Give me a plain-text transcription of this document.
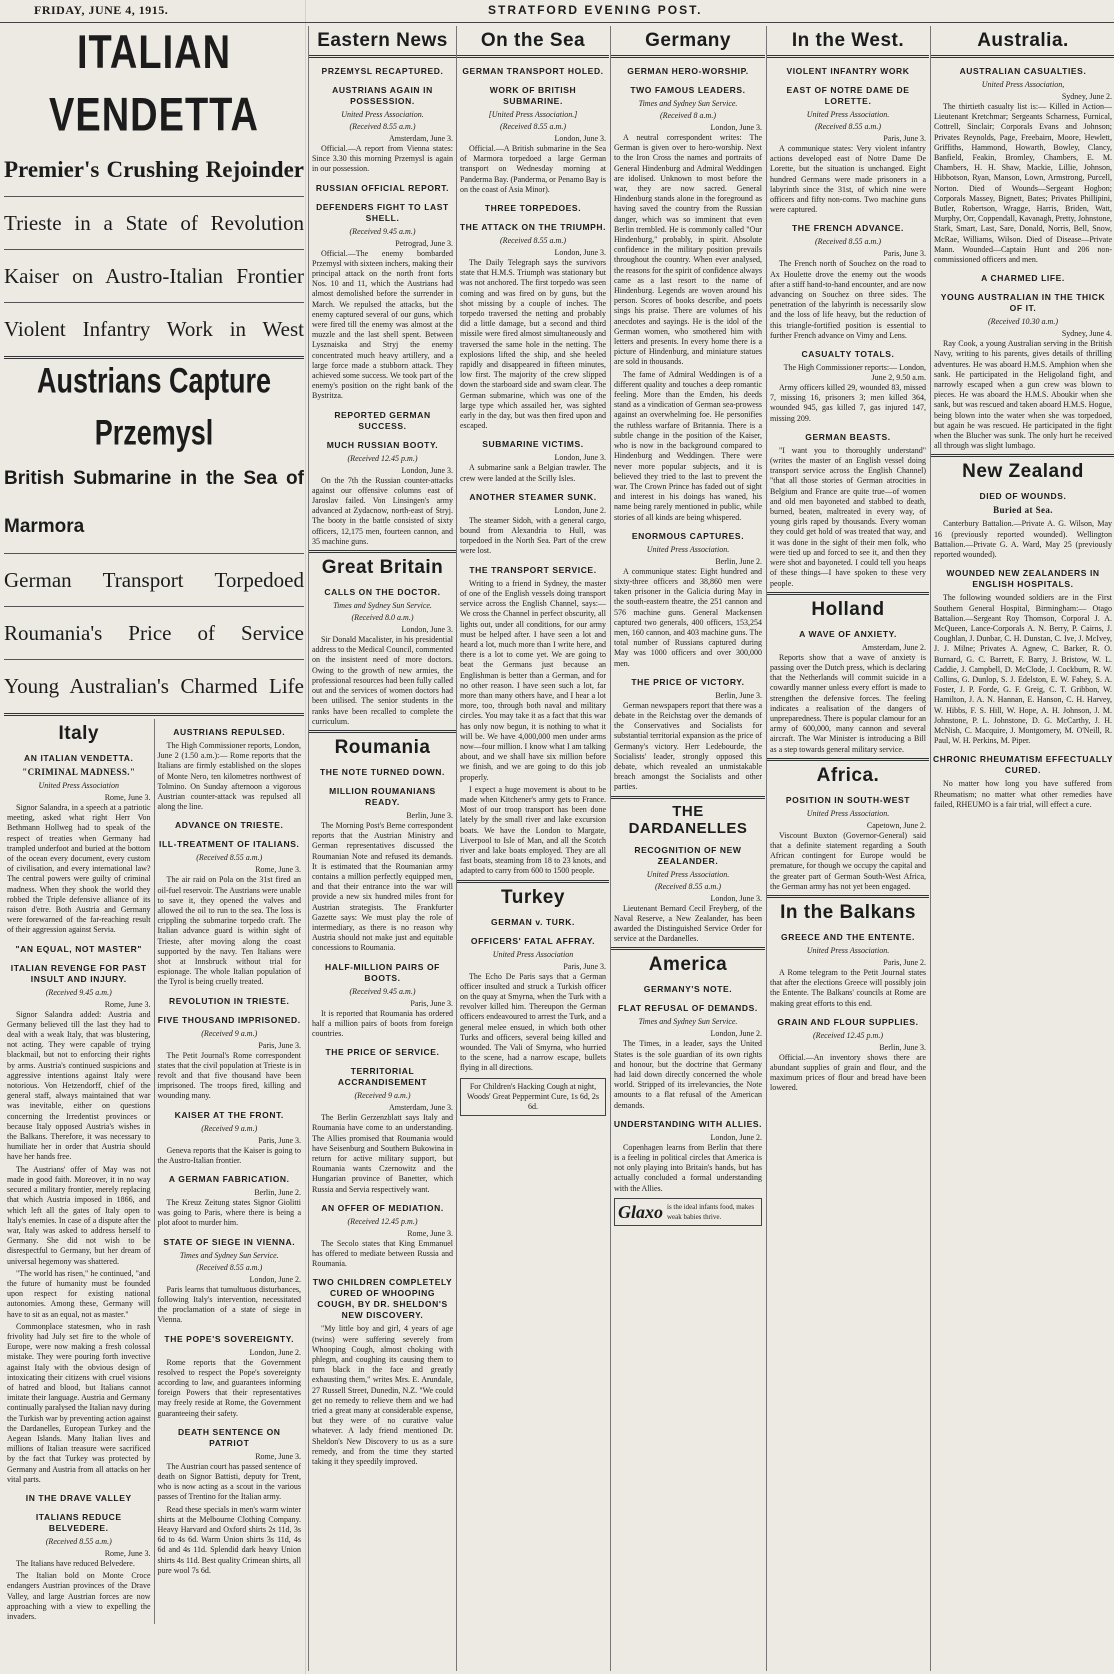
FRIDAY, JUNE 4, 1915.	STRATFORD EVENING POST.
ITALIAN VENDETTA
Premier's Crushing Rejoinder
Trieste in a State of Revolution
Kaiser on Austro-Italian Frontier
Violent Infantry Work in West
Austrians Capture Przemysl
British Submarine in the Sea of Marmora
German Transport Torpedoed
Roumania's Price of Service
Young Australian's Charmed Life
Italy
AN ITALIAN VENDETTA.
"CRIMINAL MADNESS."
United Press Association
Rome, June 3.

Signor Salandra, in a speech at a patriotic meeting, asked what right Herr Von Bethmann Hollweg had to speak of the respect of treaties when Germany had trampled underfoot and buried at the bottom of the ocean every document, every custom of civilisation, and every international law? The central powers were guilty of criminal madness. When they shook the world they robbed the Triple defensive alliance of its raison d'etre. Both Austria and Germany were forewarned of the far-reaching result of their aggression against Servia.

"AN EQUAL, NOT MASTER"
ITALIAN REVENGE FOR PAST INSULT AND INJURY.
(Received 9.45 a.m.)
Rome, June 3.

Signor Salandra added: Austria and Germany believed till the last they had to deal with a weak Italy, that was blustering, not acting. They were capable of trying blackmail, but not to enforcing their rights by arms. Austria's continued suspicions and aggressive intentions against Italy were notorious. Von Hetzendorff, chief of the general staff, always maintained that war was inevitable, either on questions concerning the Irredentist provinces or because Italy opposed Austria's wishes in the Balkans. Therefore, it was necessary to humiliate her in order that Austria should have her hands free.

The Austrians' offer of May was not made in good faith. Moreover, it in no way secured a military frontier, merely replacing that which Austria imposed in 1866, and which left all the gates of Italy open to Italy's enemies. In case of a dispute after the war, Italy was asked to address herself to Germany. She did not wish to be disrespectful to Germany, but her dream of universal hegemony was shattered.

"The world has risen," he continued, "and the future of humanity must be founded upon respect for existing national autonomies. Among these, Germany will have to sit as an equal, not as master."

Commonplace statesmen, who in rash frivolity had July set fire to the whole of Europe, were now making a fresh colossal mistake. They were pouring forth invective against Italy with the obvious design of intoxicating their citizens with cruel visions of hatred and blood, but Italians cannot imitate their language. Austria and Germany continually paralysed the Italian navy during the Turkish war by preventing action against the Dardanelles, European Turkey and the Aegean Islands. Many Italian lives and millions of Italian treasure were sacrificed by the fact that Turkey was protected by Germany and Austria from all attacks on her vital parts.

IN THE DRAVE VALLEY
ITALIANS REDUCE BELVEDERE.
(Received 8.55 a.m.)
Rome, June 3.

The Italians have reduced Belvedere.

The Italian bold on Monte Croce endangers Austrian provinces of the Drave Valley, and large Austrian forces are now approaching with a view to expelling the invaders.

AUSTRIANS REPULSED.

The High Commissioner reports, London, June 2 (1.50 a.m.):— Rome reports that the Italians are firmly established on the slopes of Monte Nero, ten kilometres northwest of Tolmino. On Sunday afternoon a vigorous Austrian counter-attack was repulsed all along the line.

ADVANCE ON TRIESTE.
ILL-TREATMENT OF ITALIANS.
(Received 8.55 a.m.)
Rome, June 3.

The air raid on Pola on the 31st fired an oil-fuel reservoir. The Austrians were unable to save it, they opened the valves and allowed the oil to run to the sea. The loss is crippling the submarine torpedo craft. The Italian advance guard is within sight of Trieste, after moving along the coast supported by the navy. Ten Italians were shot at Innsbruck without trial for espionage. The whole Italian population of the Tyrol is being cruelly treated.

REVOLUTION IN TRIESTE.
FIVE THOUSAND IMPRISONED.
(Received 9 a.m.)
Paris, June 3.

The Petit Journal's Rome correspondent states that the civil population at Trieste is in revolt and that five thousand have been imprisoned. The troops fired, killing and wounding many.

KAISER AT THE FRONT.
(Received 9 a.m.)
Paris, June 3.

Geneva reports that the Kaiser is going to the Austro-Italian frontier.

A GERMAN FABRICATION.
Berlin, June 2.

The Kreuz Zeitung states Signor Giolitti was going to Paris, where there is being a plot afoot to murder him.

STATE OF SIEGE IN VIENNA.
Times and Sydney Sun Service.
(Received 8.55 a.m.)
London, June 2.

Paris learns that tumultuous disturbances, following Italy's intervention, necessitated the proclamation of a state of siege in Vienna.

THE POPE'S SOVEREIGNTY.
London, June 2.

Rome reports that the Government resolved to respect the Pope's sovereignty according to law, and guarantees informing foreign Powers that their representatives may freely reside at Rome, the Government guaranteeing their safety.

DEATH SENTENCE ON PATRIOT
Rome, June 3.

The Austrian court has passed sentence of death on Signor Battisti, deputy for Trent, who is now acting as a scout in the various passes of Trentino for the Italian army.

Read these specials in men's warm winter shirts at the Melbourne Clothing Company. Heavy Harvard and Oxford shirts 2s 11d, 3s 6d to 4s 6d. Warm Union shirts 3s 11d, 4s 6d and 4s 11d. Splendid dark heavy Union shirts 4s 11d. Best quality Crimean shirts, all pure wool 7s 6d.

Eastern News
PRZEMYSL RECAPTURED.
AUSTRIANS AGAIN IN POSSESSION.
United Press Association.
(Received 8.55 a.m.)
Amsterdam, June 3.

Official.—A report from Vienna states: Since 3.30 this morning Przemysl is again in our possession.

RUSSIAN OFFICIAL REPORT.
DEFENDERS FIGHT TO LAST SHELL.
(Received 9.45 a.m.)
Petrograd, June 3.

Official.—The enemy bombarded Przemysl with sixteen inchers, making their principal attack on the north front forts Nos. 10 and 11, which the Austrians had almost demolished before the surrender in March. We repulsed the attacks, but the enemy captured several of our guns, which were fired till the enemy was almost at the muzzle and the last shell spent. Between Lysznaiska and Stryj the enemy concentrated much heavy artillery, and a large force made a stubborn attack. They achieved some success. We took part of the enemy's position on the right bank of the Bystritza.

REPORTED GERMAN SUCCESS.
MUCH RUSSIAN BOOTY.
(Received 12.45 p.m.)
London, June 3.

On the 7th the Russian counter-attacks against our offensive columns east of Jaroslav failed. Von Linsingen's army advanced at Zydacnow, north-east of Stryj. The booty in the battle consisted of sixty officers, 12,175 men, fourteen cannon, and 35 machine guns.

Great Britain
CALLS ON THE DOCTOR.
Times and Sydney Sun Service.
(Received 8.0 a.m.)
London, June 3.

Sir Donald Macalister, in his presidential address to the Medical Council, commented on the insistent need of more doctors. Owing to the growth of new armies, the professional resources had been fully called out and the services of women doctors had been utilised. The senior students in the ranks have been recalled to complete the curriculum.

Roumania
THE NOTE TURNED DOWN.
MILLION ROUMANIANS READY.
Berlin, June 3.

The Morning Post's Berne correspondent reports that the Austrian Ministry and German representatives discussed the Roumanian Note and refused its demands. It is estimated that the Roumanian army contains a million perfectly equipped men, and that their entrance into the war will provide a new six hundred miles front for Austrian strategists. The Frankfurter Gazette says: We must play the role of intermediary, as there is no reason why Austria should not make just and equitable concessions to Roumania.

HALF-MILLION PAIRS OF BOOTS.
(Received 9.45 a.m.)
Paris, June 3.

It is reported that Roumania has ordered half a million pairs of boots from foreign countries.

THE PRICE OF SERVICE.
TERRITORIAL ACCRANDISEMENT
(Received 9 a.m.)
Amsterdam, June 3.

The Berlin Gerzenzblatt says Italy and Roumania have come to an understanding. The Allies promised that Roumania would have Seisenburg and Southern Bukowina in return for active military support, but Roumania wants Czernowitz and the Hungarian province of Banetter, which Russia and Servia respectively want.

AN OFFER OF MEDIATION.
(Received 12.45 p.m.)
Rome, June 3.

The Secolo states that King Emmanuel has offered to mediate between Russia and Roumania.

TWO CHILDREN COMPLETELY CURED OF WHOOPING COUGH, BY DR. SHELDON'S NEW DISCOVERY.

"My little boy and girl, 4 years of age (twins) were suffering severely from Whooping Cough, almost choking with phlegm, and coughing its causing them to turn black in the face and greatly exhausting them," writes Mrs. E. Arundale, 27 Russell Street, Dunedin, N.Z. "We could get no remedy to relieve them and we had tried a great many at considerable expense, but they were of no curative value whatever. A lady friend mentioned Dr. Sheldon's New Discovery to us as a sure remedy, and from the time they started taking it they speedily improved.

On the Sea
GERMAN TRANSPORT HOLED.
WORK OF BRITISH SUBMARINE.
[United Press Association.]
(Received 8.55 a.m.)
London, June 3.

Official.—A British submarine in the Sea of Marmora torpedoed a large German transport on Wednesday morning at Panderma Bay. (Panderma, or Penamo Bay is on the coast of Asia Minor).

THREE TORPEDOES.
THE ATTACK ON THE TRIUMPH.
(Received 8.55 a.m.)
London, June 3.

The Daily Telegraph says the survivors state that H.M.S. Triumph was stationary but was not anchored. The first torpedo was seen coming and was fired on by guns, but the shot missing by a couple of inches. The torpedo traversed the netting and probably did a little damage, but a second and third missile were fired almost simultaneously and traversed the same hole in the netting. The explosions lifted the ship, and she heeled rapidly and disappeared in fifteen minutes, low first. The majority of the crew slipped down the starboard side and swam clear. The German submarine, which was one of the large type which assailed her, was sighted early in the day, but was then fired upon and escaped.

SUBMARINE VICTIMS.
London, June 3.

A submarine sank a Belgian trawler. The crew were landed at the Scilly Isles.

ANOTHER STEAMER SUNK.
London, June 2.

The steamer Sidoh, with a general cargo, bound from Alexandria to Hull, was torpedoed in the North Sea. Part of the crew were lost.

THE TRANSPORT SERVICE.

Writing to a friend in Sydney, the master of one of the English vessels doing transport service across the English Channel, says:— We cross the Channel in perfect obscurity, all lights out, under all conditions, for our army must be helped after. I have seen a lot and heard a lot, much more than I write here, and there is a lot to come yet. We are going to beat the Germans just because an Englishman is better than a German, and for no other reason. I have seen such a lot, far more than many others have, and I hear a lot more, too, through both naval and military circles. You may take it as a fact that this war has only now begun, it is nothing to what it will be. We have 4,000,000 men under arms now—four million. I know what I am talking about, and we shall have six million before we finish, and we are going to do this job properly.

I expect a huge movement is about to be made when Kitchener's army gets to France. Most of our troop transport has been done lately by the small river and lake excursion boats. We have the London to Margate, Liverpool to Isle of Man, and all the Scotch river and lake boats employed. They are all fast boats, steaming from 18 to 23 knots, and adapted to carry from 600 to 1500 people.

Turkey
GERMAN v. TURK.
OFFICERS' FATAL AFFRAY.
United Press Association
Paris, June 3.

The Echo De Paris says that a German officer insulted and struck a Turkish officer on the quay at Smyrna, when the Turk with a revolver killed him. Thereupon the German officers endeavoured to arrest the Turk, and a general melee ensued, in which both other Turks and officers, several being killed and wounded. The Vali of Smyrna, who hurried to the scene, had a narrow escape, bullets flying in all directions.

For Children's Hacking Cough at night, Woods' Great Peppermint Cure, 1s 6d, 2s 6d.
Germany
GERMAN HERO-WORSHIP.
TWO FAMOUS LEADERS.
Times and Sydney Sun Service.
(Received 8 a.m.)
London, June 3.

A neutral correspondent writes: The German is given over to hero-worship. Next to the Iron Cross the names and portraits of General Hindenburg and Admiral Weddingen are idolised. Unknown to most before the war, they are now sacred. General Hindenburg stands alone in the foreground as having saved the country from the Russian danger, which was so imminent that even Berlin trembled. He is commonly called "Our Hindenburg," probably, in spirit. Absolute confidence in the military position prevails throughout the country. When ever analysed, the reasons for the spirit of confidence always came as a last resort to the name of Hindenburg. Legends are woven around his person. Scores of books describe, and poets sings his praise. There are volumes of his anecdotes and sayings. He is the idol of the German women, who smothered him with letters and presents. In every home there is a picture of Hindenburg, and miniature statues are sold in thousands.

The fame of Admiral Weddingen is of a different quality and touches a deep romantic feeling. More than the Emden, his deeds stand as a vindication of German sea-prowess against an overwhelming foe. He personifies the ruthless warfare of Britannia. There is a subtle change in the position of the Kaiser, who is now in the background compared to Hindenburg and Weddingen. There were never more popular subjects, and it is believed they tried to the last to prevent the war. The Crown Prince has faded out of sight and interest in his doings has waned, his name being rarely mentioned in public, while stories of all kinds are being whispered.

ENORMOUS CAPTURES.
United Press Association.
Berlin, June 2.

A communique states: Eight hundred and sixty-three officers and 38,860 men were taken prisoner in the Galicia during May in the south-eastern theatre, the 251 cannon and 576 machine guns. General Mackensen captured two generals, 400 officers, 153,254 men, 160 cannon, and 403 machine guns. The total number of Russians captured during May was 1000 officers and over 300,000 men.

THE PRICE OF VICTORY.
Berlin, June 3.

German newspapers report that there was a debate in the Reichstag over the demands of the Conservatives and Socialists for substantial territorial expansion as the price of Germany's victory. Herr Ledebourde, the Socialists' leader, strongly opposed this debate, which revealed an unmistakable breach amongst the Socialists and other parties.

THE DARDANELLES
RECOGNITION OF NEW ZEALANDER.
United Press Association.
(Received 8.55 a.m.)
London, June 3.

Lieutenant Bernard Cecil Freyberg, of the Naval Reserve, a New Zealander, has been awarded the Distinguished Service Order for service at the Dardanelles.

America
GERMANY'S NOTE.
FLAT REFUSAL OF DEMANDS.
Times and Sydney Sun Service.
London, June 2.

The Times, in a leader, says the United States is the sole guardian of its own rights and honour, but the doctrine that Germany had laid down directly concerned the whole world. Stripped of its irrelevancies, the Note amounts to a flat refusal of the American demands.

UNDERSTANDING WITH ALLIES.
London, June 2.

Copenhagen learns from Berlin that there is a feeling in political circles that America is not only playing into Britain's hands, but has actually concluded a formal understanding with the Allies.

Glaxo is the ideal infants food, makes weak babies thrive.
In the West.
VIOLENT INFANTRY WORK
EAST OF NOTRE DAME DE LORETTE.
United Press Association.
(Received 8.55 a.m.)
Paris, June 3.

A communique states: Very violent infantry actions developed east of Notre Dame De Lorette, but the situation is unchanged. Eight hundred Germans were made prisoners in a labyrinth since the 31st, of which nine were officers and fifty non-coms. Two machine guns were captured.

THE FRENCH ADVANCE.
(Received 8.55 a.m.)
Paris, June 3.

The French north of Souchez on the road to Ax Houlette drove the enemy out the woods after a stiff hand-to-hand encounter, and are now advancing on Souchez on three sides. The penetration of the labyrinth is necessarily slow and the loss of life heavy, but the reduction of this triangle-fortified position is essential to further French advance on Vimy and Lens.

CASUALTY TOTALS.
The High Commissioner reports:— London, June 2, 9.50 a.m.

Army officers killed 29, wounded 83, missed 7, missing 16, prisoners 3; men killed 364, wounded 945, gas killed 7, gas injured 147, missing 209.

GERMAN BEASTS.

"I want you to thoroughly understand" (writes the master of an English vessel doing transport service across the English Channel) "that all those stories of German atrocities in Belgium and France are quite true—of women and old men bayoneted and stabbed to death, burned, beaten, maltreated in every way, of young girls raped by thousands. Every woman they could get hold of was treated that way, and it was done in the sight of their men folk, who were tied up and forced to see it, and then they were shot and bayoneted. I could tell you heaps of these things—I have spoken to these very people.

Holland
A WAVE OF ANXIETY.
Amsterdam, June 2.

Reports show that a wave of anxiety is passing over the Dutch press, which is declaring that the Netherlands will commit suicide in a cowardly manner unless every effort is made to strengthen the defensive forces. The feeling indicates a realisation of the dangers of unpreparedness. There is popular clamour for an army of 600,000, many cannon and several aircraft. The War Minister is introducing a Bill as a step towards general military service.

Africa.
POSITION IN SOUTH-WEST
United Press Association.
Capetown, June 2.

Viscount Buxton (Governor-General) said that a definite statement regarding a South African contingent for Europe would be premature, for though we occupy the capital and the greater part of German South-West Africa, the German army has not yet been engaged.

In the Balkans
GREECE AND THE ENTENTE.
United Press Association.
Paris, June 2.

A Rome telegram to the Petit Journal states that after the elections Greece will possibly join the Entente. The Balkans' councils at Rome are making great efforts to this end.

GRAIN AND FLOUR SUPPLIES.
(Received 12.45 p.m.)
Berlin, June 3.

Official.—An inventory shows there are abundant supplies of grain and flour, and the maximum prices of flour and bread have been lowered.

Australia.
AUSTRALIAN CASUALTIES.
United Press Association,
Sydney, June 2.

The thirtieth casualty list is:— Killed in Action—Lieutenant Kretchmar; Sergeants Scharness, Furnical, Cottrell, Sinclair; Corporals Evans and Johnson; Privates Reynolds, Page, Freebairn, Moore, Hewlett, Griffiths, Hammond, Howarth, Bowley, Clancy, Banfield, Feakin, Bromley, Chambers, E. M. Chambers, H. H. Shaw, Mackie, Lillie, Johnson, Hibbotson, Ryan, Manson, Lown, Armstrong, Purcell, Norton. Died of Wounds—Sergeant Hogbon; Corporals Massey, Bignett, Bates; Privates Phillipini, Butler, Robertson, Wragge, Harris, Briden, Watt, Murphy, Orr, Coppendall, Kavanagh, Pretty, Johnstone, Stark, Smart, Last, Sare, Donald, Norris, Bell, Snow, McRae, Williams, Wilson. Died of Disease—Private Mann. Wounded—Captain Hunt and 206 non-commissioned officers and men.

A CHARMED LIFE.
YOUNG AUSTRALIAN IN THE THICK OF IT.
(Received 10.30 a.m.)
Sydney, June 4.

Ray Cook, a young Australian serving in the British Navy, writing to his parents, gives details of thrilling adventures. He was aboard H.M.S. Amphion when she sank. He participated in the Heligoland fight, and narrowly escaped when a gun crew was blown to pieces. He was aboard the H.M.S. Aboukir when she sank, but was rescued and taken aboard H.M.S. Hogue, being blown into the water when she was torpedoed, but again he was rescued. He participated in the fight when the Blucher was sunk. The only hurt he received all through was slight lumbago.

New Zealand
DIED OF WOUNDS.
Buried at Sea.

Canterbury Battalion.—Private A. G. Wilson, May 16 (previously reported wounded). Wellington Battalion.—Private G. A. Ward, May 25 (previously reported wounded).

WOUNDED NEW ZEALANDERS IN ENGLISH HOSPITALS.

The following wounded soldiers are in the First Southern General Hospital, Birmingham:— Otago Battalion.—Sergeant Roy Thomson, Corporal J. A. McQueen, Lance-Corporals A. N. Berry, P. Cairns, J. Coughlan, J. Dunbar, C. H. Dunstan, C. Ive, J. McIvey, J. J. Milne; Privates A. Agnew, C. Barker, R. O. Burnard, G. C. Barrett, F. Barry, J. Bristow, W. L. Caddie, J. Campbell, D. McClode, J. Cockburn, R. W. Collins, G. Dunlop, S. J. Edelston, E. W. Fahey, S. A. Foster, J. P. Forde, G. F. Greig, C. T. Gribbon, W. Hamilton, J. A. N. Hannan, E. Hanson, C. H. Harvey, W. Hibbs, F. S. Hill, W. Hope, A. H. Johnson, J. M. Johnstone, P. L. Johnstone, D. G. McCarthy, J. H. McNish, C. Macquire, J. Montgomery, M. O'Neill, R. Paul, W. H. Perkins, M. Piper.

CHRONIC RHEUMATISM EFFECTUALLY CURED.

No matter how long you have suffered from Rheumatism; no matter what other remedies have failed, RHEUMO is a fair trial, will effect a cure.
